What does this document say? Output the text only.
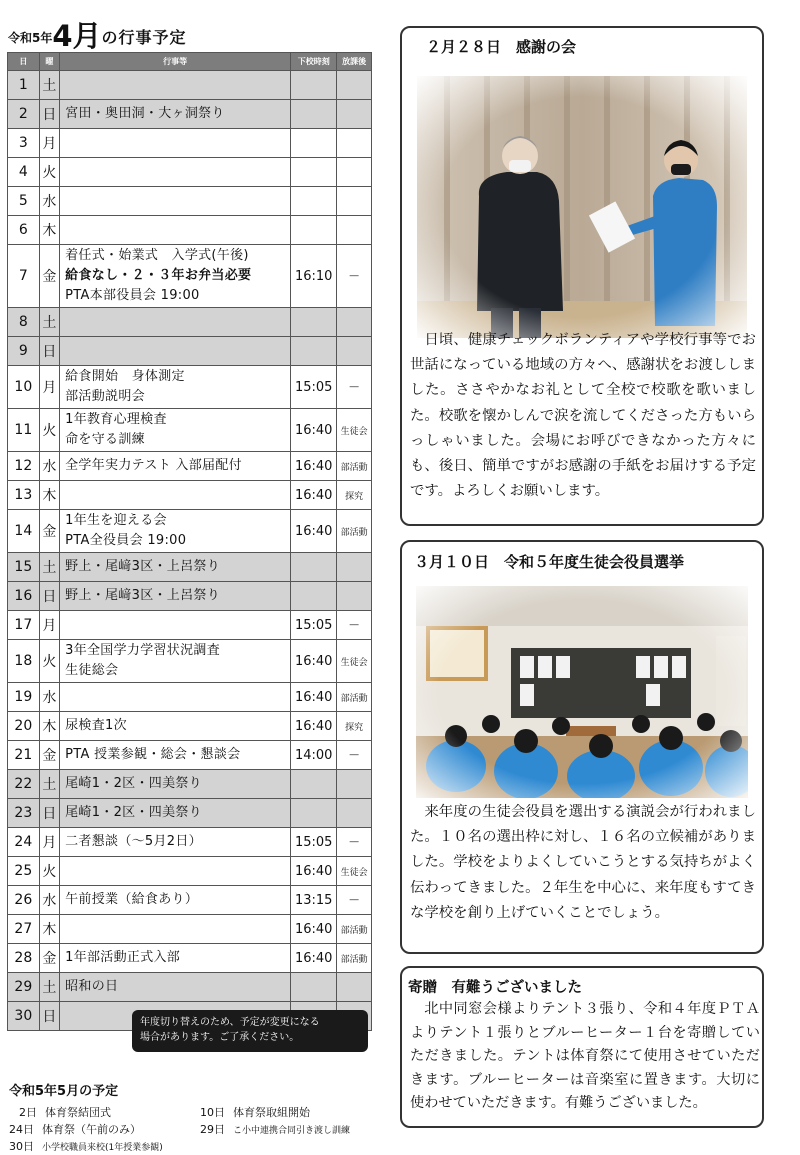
$^{令和5年}$4月の行事予定
日	曜	行事等	下校時刻	放課後
1	土			
2	日	宮田・奥田洞・大ヶ洞祭り		

3	月			
4	火			
5	水			
6	木			
7	金	着任式・始業式　入学式(午後)
給食なし・２・３年お弁当必要
PTA本部役員会 19:00	16:10	―
8	土			
9	日			
10	月	給食開始　身体測定
部活動説明会	15:05	―
11	火	1年教育心理検査
命を守る訓練	16:40	生徒会
12	水	全学年実力テスト 入部届配付	16:40	部活動
13	木		16:40	探究
14	金	1年生を迎える会
PTA全役員会 19:00	16:40	部活動
15	土	野上・尾﨑3区・上呂祭り		

16	日	野上・尾﨑3区・上呂祭り		

17	月		15:05	―
18	火	3年全国学力学習状況調査
生徒総会	16:40	生徒会
19	水		16:40	部活動
20	木	尿検査1次	16:40	探究
21	金	PTA 授業参観・総会・懇談会	14:00	―
22	土	尾崎1・2区・四美祭り		

23	日	尾崎1・2区・四美祭り		

24	月	二者懇談（～5月2日）	15:05	―
25	火		16:40	生徒会
26	水	午前授業（給食あり）	13:15	―
27	木		16:40	部活動
28	金	1年部活動正式入部	16:40	部活動
29	土	昭和の日		

30	日				年度切り替えのため、予定が変更になる
場合があります。ご了承ください。
令和5年5月の予定
2日 体育祭結団式	10日 体育祭取組開始
24日 体育祭（午前のみ）	29日 こ小中連携合同引き渡し訓練
30日 小学校職員来校(1年授業参観)
２月２８日　感謝の会
日頃、健康チェックボランティアや学校行事等でお世話になっている地域の方々へ、感謝状をお渡ししました。ささやかなお礼として全校で校歌を歌いました。校歌を懐かしんで涙を流してくださった方もいらっしゃいました。会場にお呼びできなかった方々にも、後日、簡単ですがお感謝の手紙をお届けする予定です。よろしくお願いします。
３月１０日　令和５年度生徒会役員選挙
来年度の生徒会役員を選出する演説会が行われました。１０名の選出枠に対し、１６名の立候補がありました。学校をよりよくしていこうとする気持ちがよく伝わってきました。２年生を中心に、来年度もすてきな学校を創り上げていくことでしょう。
寄贈　有難うございました
北中同窓会様よりテント３張り、令和４年度ＰＴＡよりテント１張りとブルーヒーター１台を寄贈していただきました。テントは体育祭にて使用させていただきます。ブルーヒーターは音楽室に置きます。大切に使わせていただきます。有難うございました。
